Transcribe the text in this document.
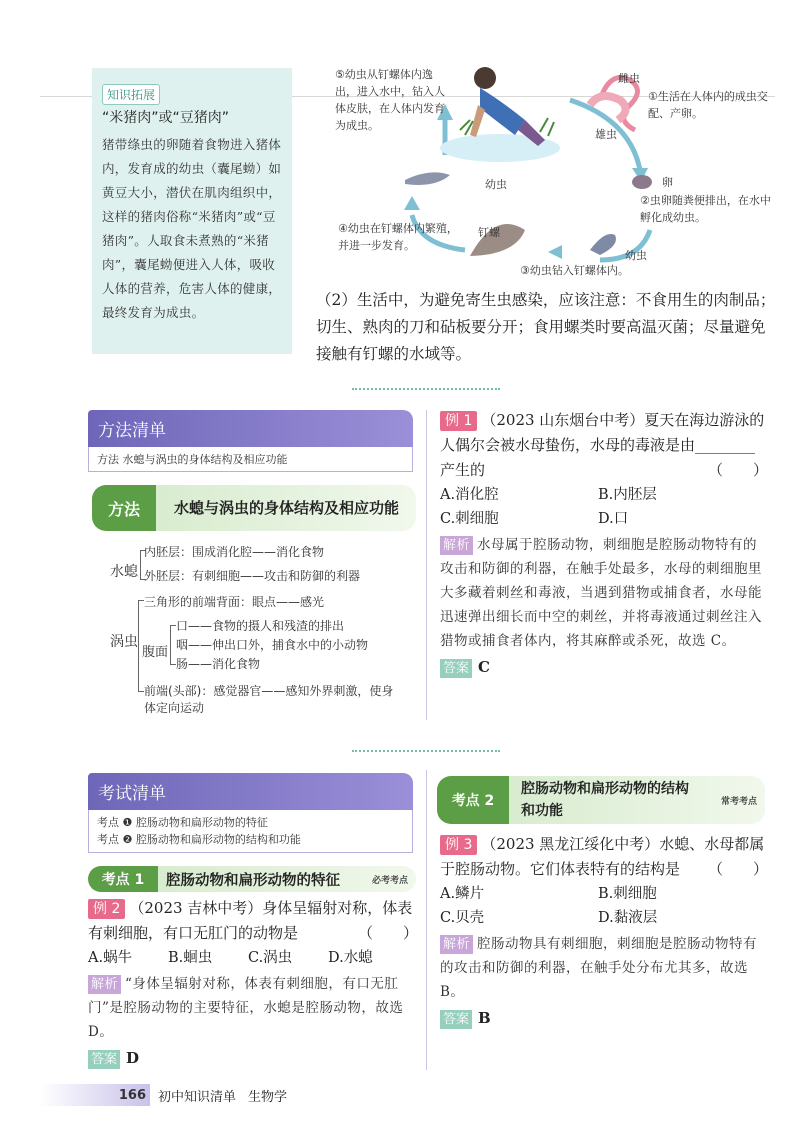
知识拓展
“米猪肉”或“豆猪肉”
猪带绦虫的卵随着食物进入猪体内，发育成的幼虫（囊尾蚴）如黄豆大小，潜伏在肌肉组织中，这样的猪肉俗称“米猪肉”或“豆猪肉”。人取食未煮熟的“米猪肉”，囊尾蚴便进入人体，吸收人体的营养，危害人体的健康，最终发育为成虫。
⑤幼虫从钉螺体内逸出，进入水中，钻入人体皮肤，在人体内发育为成虫。
雌虫
①生活在人体内的成虫交配、产卵。
雄虫
卵
②虫卵随粪便排出，在水中孵化成幼虫。
幼虫
④幼虫在钉螺体内繁殖，并进一步发育。
钉螺
幼虫
③幼虫钻入钉螺体内。
（2）生活中，为避免寄生虫感染，应该注意：不食用生的肉制品；切生、熟肉的刀和砧板要分开；食用螺类时要高温灭菌；尽量避免接触有钉螺的水域等。
方法清单
方法 水螅与涡虫的身体结构及相应功能
方法	水螅与涡虫的身体结构及相应功能
水螅
内胚层：围成消化腔——消化食物
外胚层：有刺细胞——攻击和防御的利器
涡虫
三角形的前端背面：眼点——感光
腹面
口——食物的摄人和残渣的排出
咽——伸出口外，捕食水中的小动物
肠——消化食物
前端(头部)：感觉器官——感知外界刺激，使身体定向运动
例 1 （2023 山东烟台中考）夏天在海边游泳的人偶尔会被水母蛰伤，水母的毒液是由________产生的	（　　）
A.消化腔	B.内胚层
C.刺细胞	D.口
解析 水母属于腔肠动物，刺细胞是腔肠动物特有的攻击和防御的利器，在触手处最多，水母的刺细胞里大多藏着刺丝和毒液，当遇到猎物或捕食者，水母能迅速弹出细长而中空的刺丝，并将毒液通过刺丝注入猎物或捕食者体内，将其麻醉或杀死，故选 C。
答案 C
考试清单
考点 ❶ 腔肠动物和扁形动物的特征
考点 ❷ 腔肠动物和扁形动物的结构和功能
考点 1	腔肠动物和扁形动物的特征	必考考点
例 2 （2023 吉林中考）身体呈辐射对称，体表有刺细胞，有口无肛门的动物是	（　　）
A.蜗牛	B.蛔虫	C.涡虫	D.水螅
解析 “身体呈辐射对称，体表有刺细胞，有口无肛门”是腔肠动物的主要特征，水螅是腔肠动物，故选 D。
答案 D
考点 2
腔肠动物和扁形动物的结构和功能
常考考点
例 3 （2023 黑龙江绥化中考）水螅、水母都属于腔肠动物。它们体表特有的结构是 （　　）
A.鳞片	B.刺细胞
C.贝壳	D.黏液层
解析 腔肠动物具有刺细胞，刺细胞是腔肠动物特有的攻击和防御的利器，在触手处分布尤其多，故选 B。
答案 B
166 初中知识清单 生物学
